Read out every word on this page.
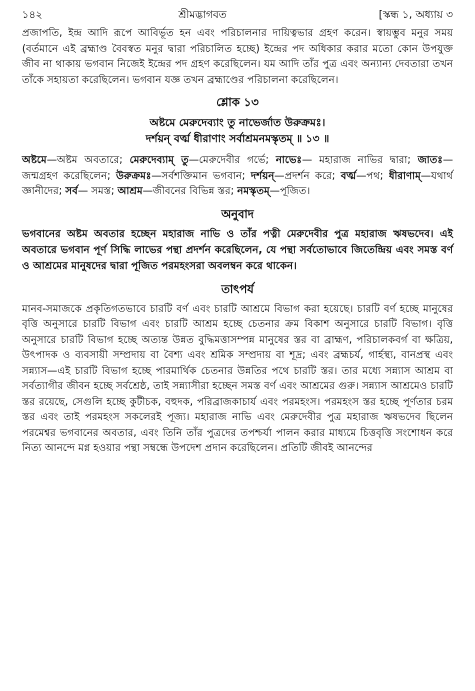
১৪২	শ্রীমদ্ভাগবত	[স্কন্ধ ১, অধ্যায় ৩

প্রজাপতি, ইন্দ্র আদি রূপে আবির্ভূত হন এবং পরিচালনার দায়িত্বভার গ্রহণ করেন। স্বায়ম্ভুব মনুর সময় (বর্তমানে এই ব্রহ্মাণ্ড বৈবস্বত মনুর দ্বারা পরিচালিত হচ্ছে) ইন্দ্রের পদ অধিকার করার মতো কোন উপযুক্ত জীব না থাকায় ভগবান নিজেই ইন্দ্রের পদ গ্রহণ করেছিলেন। যম আদি তাঁর পুত্র এবং অন্যান্য দেবতারা তখন তাঁকে সহায়তা করেছিলেন। ভগবান যজ্ঞ তখন ব্রহ্মাণ্ডের পরিচালনা করেছিলেন।

শ্লোক ১৩

অষ্টমে মেরুদেব্যাং তু নাভের্জাত উরুক্রমঃ।

দর্শয়ন্ বর্ত্ম ধীরাণাং সর্বাশ্রমনমস্কৃতম্ ॥ ১৩ ॥

অষ্টমে—অষ্টম অবতারে; মেরুদেব্যাম্ তু—মেরুদেবীর গর্ভে; নাভেঃ— মহারাজ নাভির দ্বারা; জাতঃ—জন্মগ্রহণ করেছিলেন; উরুক্রমঃ—সর্বশক্তিমান ভগবান; দর্শয়ন্—প্রদর্শন করে; বর্ত্ম—পথ; ধীরাণাম্—যথার্থ জ্ঞানীদের; সর্ব— সমস্ত; আশ্রম—জীবনের বিভিন্ন স্তর; নমস্কৃতম্—পূজিত।

অনুবাদ

ভগবানের অষ্টম অবতার হচ্ছেন মহারাজ নাভি ও তাঁর পত্নী মেরুদেবীর পুত্র মহারাজ ঋষভদেব। এই অবতারে ভগবান পূর্ণ সিদ্ধি লাভের পন্থা প্রদর্শন করেছিলেন, যে পন্থা সর্বতোভাবে জিতেন্দ্রিয় এবং সমস্ত বর্ণ ও আশ্রমের মানুষদের দ্বারা পূজিত পরমহংসরা অবলম্বন করে থাকেন।

তাৎপর্য

মানব-সমাজকে প্রকৃতিগতভাবে চারটি বর্ণ এবং চারটি আশ্রমে বিভাগ করা হয়েছে। চারটি বর্ণ হচ্ছে মানুষের বৃত্তি অনুসারে চারটি বিভাগ এবং চারটি আশ্রম হচ্ছে চেতনার ক্রম বিকাশ অনুসারে চারটি বিভাগ। বৃত্তি অনুসারে চারটি বিভাগ হচ্ছে অত্যন্ত উন্নত বুদ্ধিমত্তাসম্পন্ন মানুষের স্তর বা ব্রাহ্মণ, পরিচালকবর্গ বা ক্ষত্রিয়, উৎপাদক ও ব্যবসায়ী সম্প্রদায় বা বৈশ্য এবং শ্রমিক সম্প্রদায় বা শূদ্র; এবং ব্রহ্মচর্য, গার্হস্থ্য, বানপ্রস্থ এবং সন্ন্যাস—এই চারটি বিভাগ হচ্ছে পারমার্থিক চেতনার উন্নতির পথে চারটি স্তর। তার মধ্যে সন্ন্যাস আশ্রম বা সর্বত্যাগীর জীবন হচ্ছে সর্বশ্রেষ্ঠ, তাই সন্ন্যাসীরা হচ্ছেন সমস্ত বর্ণ এবং আশ্রমের গুরু। সন্ন্যাস আশ্রমেও চারটি স্তর রয়েছে, সেগুলি হচ্ছে কুটীচক, বহুদক, পরিব্রাজকাচার্য এবং পরমহংস। পরমহংস স্তর হচ্ছে পূর্ণতার চরম স্তর এবং তাই পরমহংস সকলেরই পূজ্য। মহারাজ নাভি এবং মেরুদেবীর পুত্র মহারাজ ঋষভদেব ছিলেন পরমেশ্বর ভগবানের অবতার, এবং তিনি তাঁর পুত্রদের তপশ্চর্যা পালন করার মাধ্যমে চিত্তবৃত্তি সংশোধন করে নিত্য আনন্দে মগ্ন হওয়ার পন্থা সম্বন্ধে উপদেশ প্রদান করেছিলেন। প্রতিটি জীবই আনন্দের
